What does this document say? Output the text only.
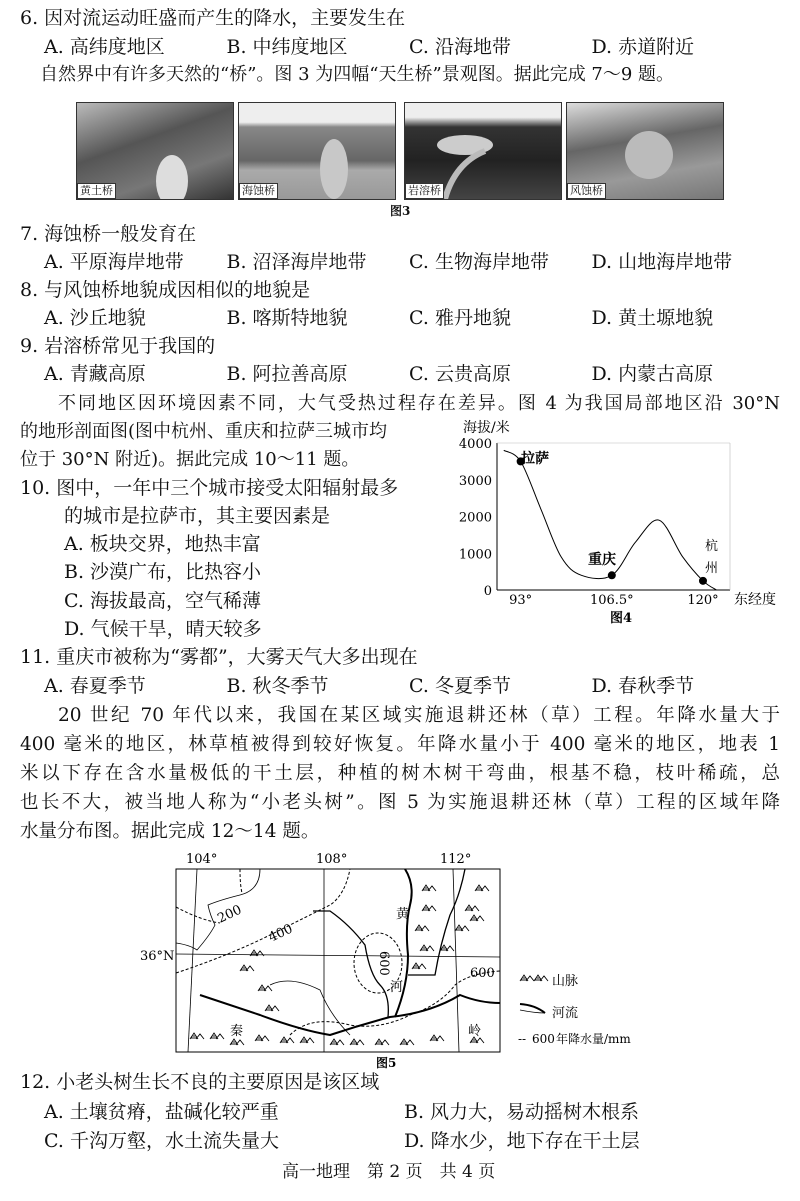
6. 因对流运动旺盛而产生的降水，主要发生在
A. 高纬度地区	B. 中纬度地区	C. 沿海地带	D. 赤道附近
自然界中有许多天然的“桥”。图 3 为四幅“天生桥”景观图。据此完成 7～9 题。
黄土桥	海蚀桥	岩溶桥	风蚀桥
图3
7. 海蚀桥一般发育在
A. 平原海岸地带	B. 沼泽海岸地带	C. 生物海岸地带	D. 山地海岸地带
8. 与风蚀桥地貌成因相似的地貌是
A. 沙丘地貌	B. 喀斯特地貌	C. 雅丹地貌	D. 黄土塬地貌
9. 岩溶桥常见于我国的
A. 青藏高原	B. 阿拉善高原	C. 云贵高原	D. 内蒙古高原
不同地区因环境因素不同，大气受热过程存在差异。图 4 为我国局部地区沿 30°N
的地形剖面图(图中杭州、重庆和拉萨三城市均
位于 30°N 附近)。据此完成 10～11 题。
10. 图中，一年中三个城市接受太阳辐射最多
的城市是拉萨市，其主要因素是
A. 板块交界，地热丰富
B. 沙漠广布，比热容小
C. 海拔最高，空气稀薄
D. 气候干旱，晴天较多
海拔/米
4000
3000
2000
1000
0
93°	106.5°	120°
拉萨
重庆
杭
州
东经度
图4
11. 重庆市被称为“雾都”，大雾天气大多出现在
A. 春夏季节	B. 秋冬季节	C. 冬夏季节	D. 春秋季节
20 世纪 70 年代以来，我国在某区域实施退耕还林（草）工程。年降水量大于
400 毫米的地区，林草植被得到较好恢复。年降水量小于 400 毫米的地区，地表 1
米以下存在含水量极低的干土层，种植的树木树干弯曲，根基不稳，枝叶稀疏，总
也长不大，被当地人称为“小老头树”。图 5 为实施退耕还林（草）工程的区域年降
水量分布图。据此完成 12～14 题。
104°	108°	112°
36°N
200
400
600	600
黄
河
秦	岭
山脉
河流
-- 600 年降水量/mm
图5
12. 小老头树生长不良的主要原因是该区域
A. 土壤贫瘠，盐碱化较严重	B. 风力大，易动摇树木根系
C. 千沟万壑，水土流失量大	D. 降水少，地下存在干土层
高一地理　第 2 页　共 4 页
